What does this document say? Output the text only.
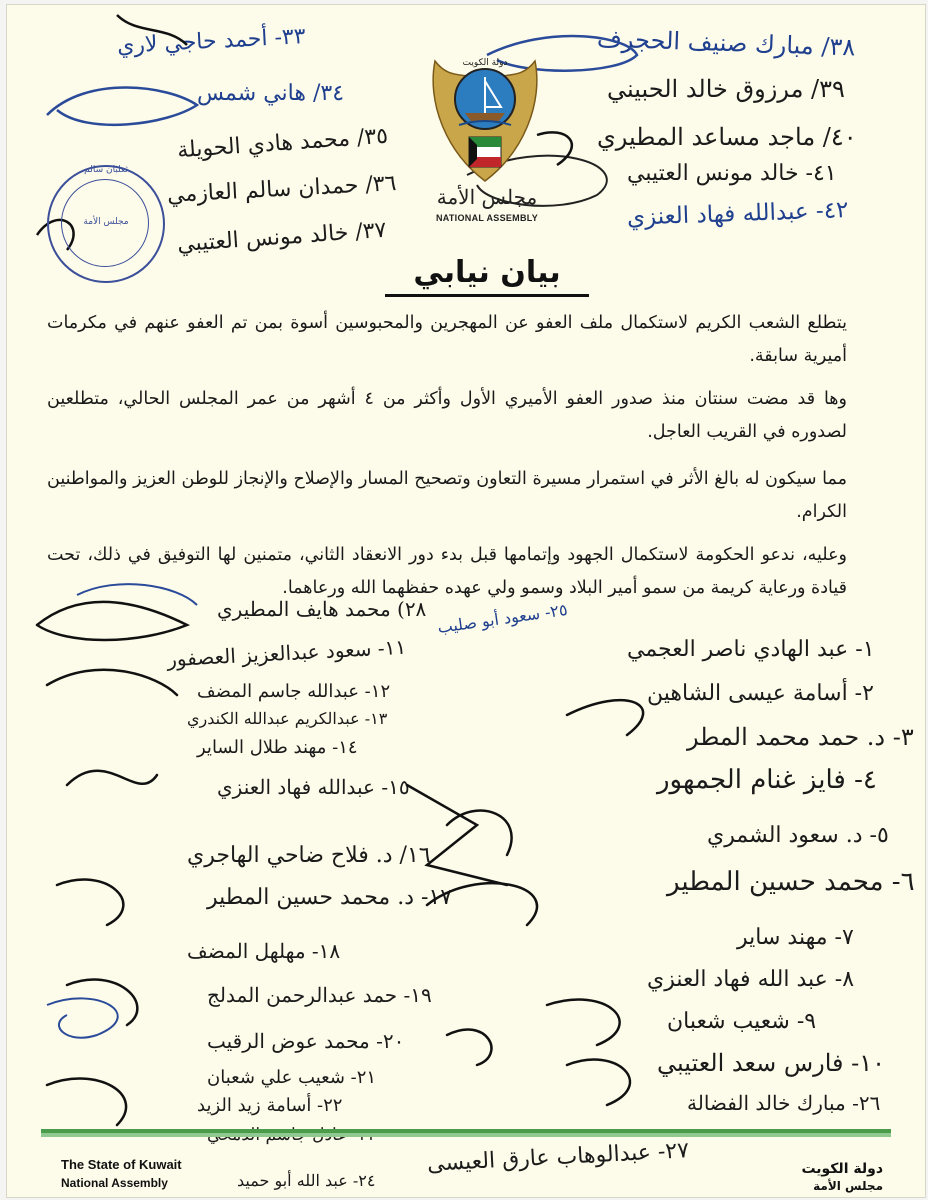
٣٨/ مبارك صنيف الحجرف
٣٩/ مرزوق خالد الحبيني
٤٠/ ماجد مساعد المطيري
٤١- خالد مونس العتيبي
٤٢- عبدالله فهاد العنزي
٣٣- أحمد حاجي لاري
٣٤/ هاني شمس
٣٥/ محمد هادي الحويلة
٣٦/ حمدان سالم العازمي
٣٧/ خالد مونس العتيبي
دولة الكويت
مجلس الأمة
NATIONAL ASSEMBLY
ثعلبان سالم
مجلس الأمة
بيان نيابي
يتطلع الشعب الكريم لاستكمال ملف العفو عن المهجرين والمحبوسين أسوة بمن تم العفو عنهم في مكرمات أميرية سابقة.
وها قد مضت سنتان منذ صدور العفو الأميري الأول وأكثر من ٤ أشهر من عمر المجلس الحالي، متطلعين لصدوره في القريب العاجل.
مما سيكون له بالغ الأثر في استمرار مسيرة التعاون وتصحيح المسار والإصلاح والإنجاز للوطن العزيز والمواطنين الكرام.
وعليه، ندعو الحكومة لاستكمال الجهود وإتمامها قبل بدء دور الانعقاد الثاني، متمنين لها التوفيق في ذلك، تحت قيادة ورعاية كريمة من سمو أمير البلاد وسمو ولي عهده حفظهما الله ورعاهما.
١- عبد الهادي ناصر العجمي
٢- أسامة عيسى الشاهين
٣- د. حمد محمد المطر
٤- فايز غنام الجمهور
٥- د. سعود الشمري
٦- محمد حسين المطير
٧- مهند ساير
٨- عبد الله فهاد العنزي
٩- شعيب شعبان
١٠- فارس سعد العتيبي
٢٦- مبارك خالد الفضالة
٢٨) محمد هايف المطيري
١١- سعود عبدالعزيز العصفور
١٢- عبدالله جاسم المضف
١٣- عبدالكريم عبدالله الكندري
١٤- مهند طلال الساير
١٥- عبدالله فهاد العنزي
١٦/ د. فلاح ضاحي الهاجري
١٧- د. محمد حسين المطير
١٨- مهلهل المضف
١٩- حمد عبدالرحمن المدلج
٢٠- محمد عوض الرقيب
٢١- شعيب علي شعبان
٢٢- أسامة زيد الزيد
٢٤- عبد الله أبو حميد
٢٥- سعود أبو صليب
٢٧- عبدالوهاب عارق العيسى
The State of Kuwait
National Assembly
دولة الكويت
مجلس الأمة
